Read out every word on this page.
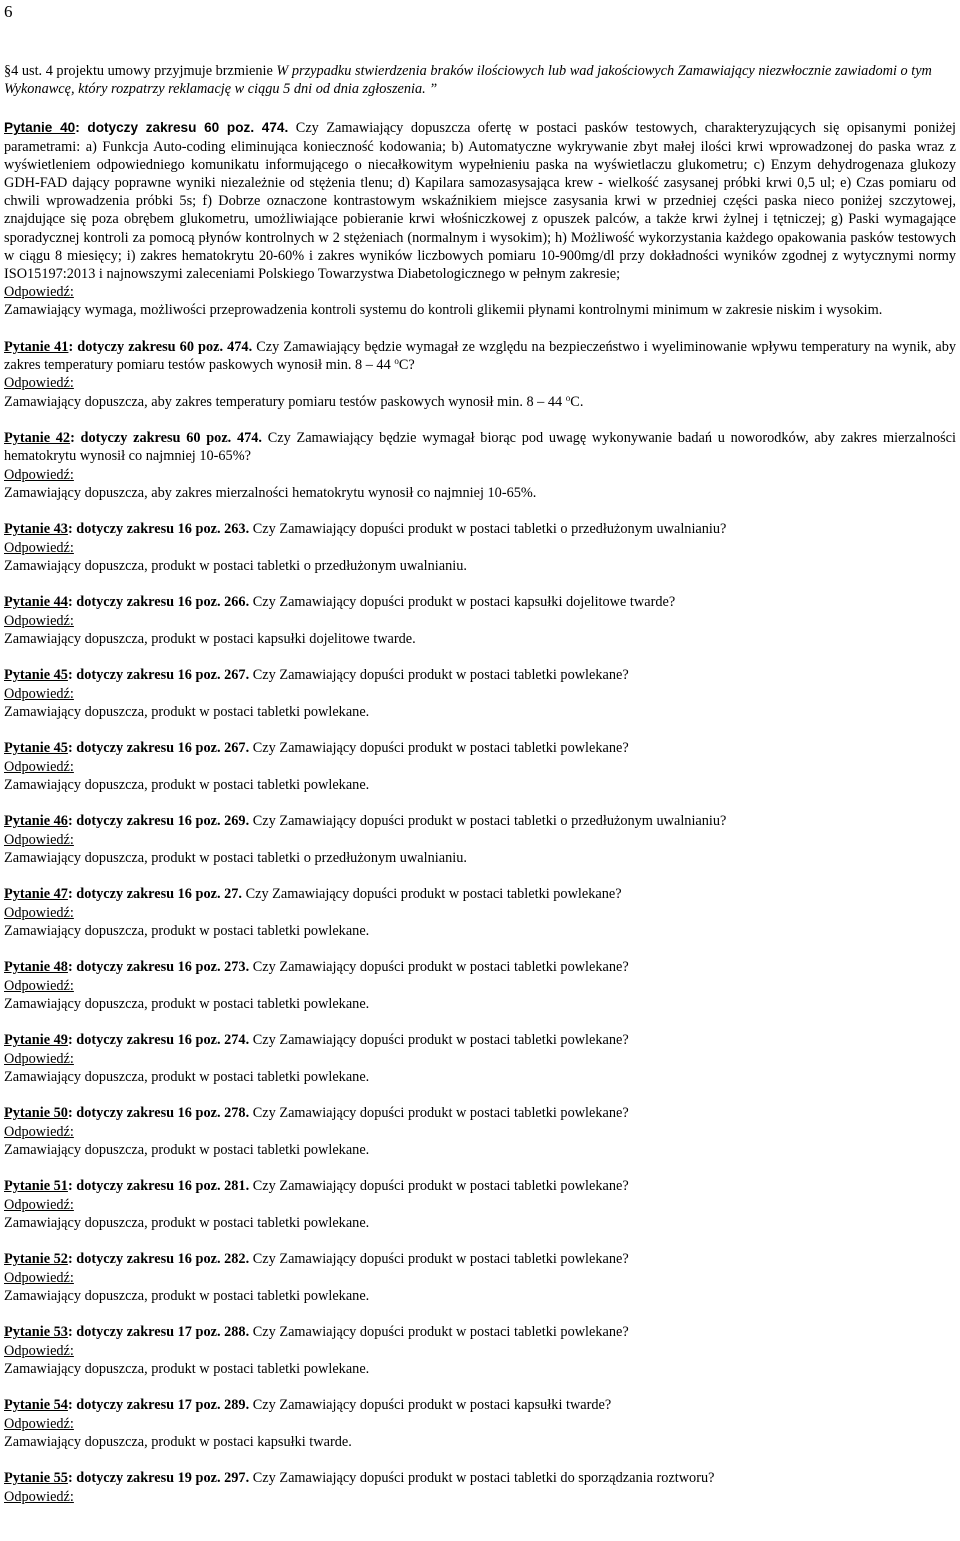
6

§4 ust. 4 projektu umowy przyjmuje brzmienie W przypadku stwierdzenia braków ilościowych lub wad jakościowych Zamawiający niezwłocznie zawiadomi o tym Wykonawcę, który rozpatrzy reklamację w ciągu 5 dni od dnia zgłoszenia. ”

Pytanie 40: dotyczy zakresu 60 poz. 474. Czy Zamawiający dopuszcza ofertę w postaci pasków testowych, charakteryzujących się opisanymi poniżej parametrami: a) Funkcja Auto-coding eliminująca konieczność kodowania; b) Automatyczne wykrywanie zbyt małej ilości krwi wprowadzonej do paska wraz z wyświetleniem odpowiedniego komunikatu informującego o niecałkowitym wypełnieniu paska na wyświetlaczu glukometru; c) Enzym dehydrogenaza glukozy GDH-FAD dający poprawne wyniki niezależnie od stężenia tlenu; d) Kapilara samozasysająca krew - wielkość zasysanej próbki krwi 0,5 ul; e) Czas pomiaru od chwili wprowadzenia próbki 5s; f) Dobrze oznaczone kontrastowym wskaźnikiem miejsce zasysania krwi w przedniej części paska nieco poniżej szczytowej, znajdujące się poza obrębem glukometru, umożliwiające pobieranie krwi włośniczkowej z opuszek palców, a także krwi żylnej i tętniczej; g) Paski wymagające sporadycznej kontroli za pomocą płynów kontrolnych w 2 stężeniach (normalnym i wysokim); h) Możliwość wykorzystania każdego opakowania pasków testowych w ciągu 8 miesięcy; i) zakres hematokrytu 20-60% i zakres wyników liczbowych pomiaru 10-900mg/dl przy dokładności wyników zgodnej z wytycznymi normy ISO15197:2013 i najnowszymi zaleceniami Polskiego Towarzystwa Diabetologicznego w pełnym zakresie;

Odpowiedź:

Zamawiający wymaga, możliwości przeprowadzenia kontroli systemu do kontroli glikemii płynami kontrolnymi minimum w zakresie niskim i wysokim.

Pytanie 41: dotyczy zakresu 60 poz. 474. Czy Zamawiający będzie wymagał ze względu na bezpieczeństwo i wyeliminowanie wpływu temperatury na wynik, aby zakres temperatury pomiaru testów paskowych wynosił min. 8 – 44 $^o$C?

Odpowiedź:

Zamawiający dopuszcza, aby zakres temperatury pomiaru testów paskowych wynosił min. 8 – 44 $^o$C.

Pytanie 42: dotyczy zakresu 60 poz. 474. Czy Zamawiający będzie wymagał biorąc pod uwagę wykonywanie badań u noworodków, aby zakres mierzalności hematokrytu wynosił co najmniej 10-65%?

Odpowiedź:

Zamawiający dopuszcza, aby zakres mierzalności hematokrytu wynosił co najmniej 10-65%.

Pytanie 43: dotyczy zakresu 16 poz. 263. Czy Zamawiający dopuści produkt w postaci tabletki o przedłużonym uwalnianiu?

Odpowiedź:

Zamawiający dopuszcza, produkt w postaci tabletki o przedłużonym uwalnianiu.

Pytanie 44: dotyczy zakresu 16 poz. 266. Czy Zamawiający dopuści produkt w postaci kapsułki dojelitowe twarde?

Odpowiedź:

Zamawiający dopuszcza, produkt w postaci kapsułki dojelitowe twarde.

Pytanie 45: dotyczy zakresu 16 poz. 267. Czy Zamawiający dopuści produkt w postaci tabletki powlekane?

Odpowiedź:

Zamawiający dopuszcza, produkt w postaci tabletki powlekane.

Pytanie 45: dotyczy zakresu 16 poz. 267. Czy Zamawiający dopuści produkt w postaci tabletki powlekane?

Odpowiedź:

Zamawiający dopuszcza, produkt w postaci tabletki powlekane.

Pytanie 46: dotyczy zakresu 16 poz. 269. Czy Zamawiający dopuści produkt w postaci tabletki o przedłużonym uwalnianiu?

Odpowiedź:

Zamawiający dopuszcza, produkt w postaci tabletki o przedłużonym uwalnianiu.

Pytanie 47: dotyczy zakresu 16 poz. 27. Czy Zamawiający dopuści produkt w postaci tabletki powlekane?

Odpowiedź:

Zamawiający dopuszcza, produkt w postaci tabletki powlekane.

Pytanie 48: dotyczy zakresu 16 poz. 273. Czy Zamawiający dopuści produkt w postaci tabletki powlekane?

Odpowiedź:

Zamawiający dopuszcza, produkt w postaci tabletki powlekane.

Pytanie 49: dotyczy zakresu 16 poz. 274. Czy Zamawiający dopuści produkt w postaci tabletki powlekane?

Odpowiedź:

Zamawiający dopuszcza, produkt w postaci tabletki powlekane.

Pytanie 50: dotyczy zakresu 16 poz. 278. Czy Zamawiający dopuści produkt w postaci tabletki powlekane?

Odpowiedź:

Zamawiający dopuszcza, produkt w postaci tabletki powlekane.

Pytanie 51: dotyczy zakresu 16 poz. 281. Czy Zamawiający dopuści produkt w postaci tabletki powlekane?

Odpowiedź:

Zamawiający dopuszcza, produkt w postaci tabletki powlekane.

Pytanie 52: dotyczy zakresu 16 poz. 282. Czy Zamawiający dopuści produkt w postaci tabletki powlekane?

Odpowiedź:

Zamawiający dopuszcza, produkt w postaci tabletki powlekane.

Pytanie 53: dotyczy zakresu 17 poz. 288. Czy Zamawiający dopuści produkt w postaci tabletki powlekane?

Odpowiedź:

Zamawiający dopuszcza, produkt w postaci tabletki powlekane.

Pytanie 54: dotyczy zakresu 17 poz. 289. Czy Zamawiający dopuści produkt w postaci kapsułki twarde?

Odpowiedź:

Zamawiający dopuszcza, produkt w postaci kapsułki twarde.

Pytanie 55: dotyczy zakresu 19 poz. 297. Czy Zamawiający dopuści produkt w postaci tabletki do sporządzania roztworu?

Odpowiedź:
